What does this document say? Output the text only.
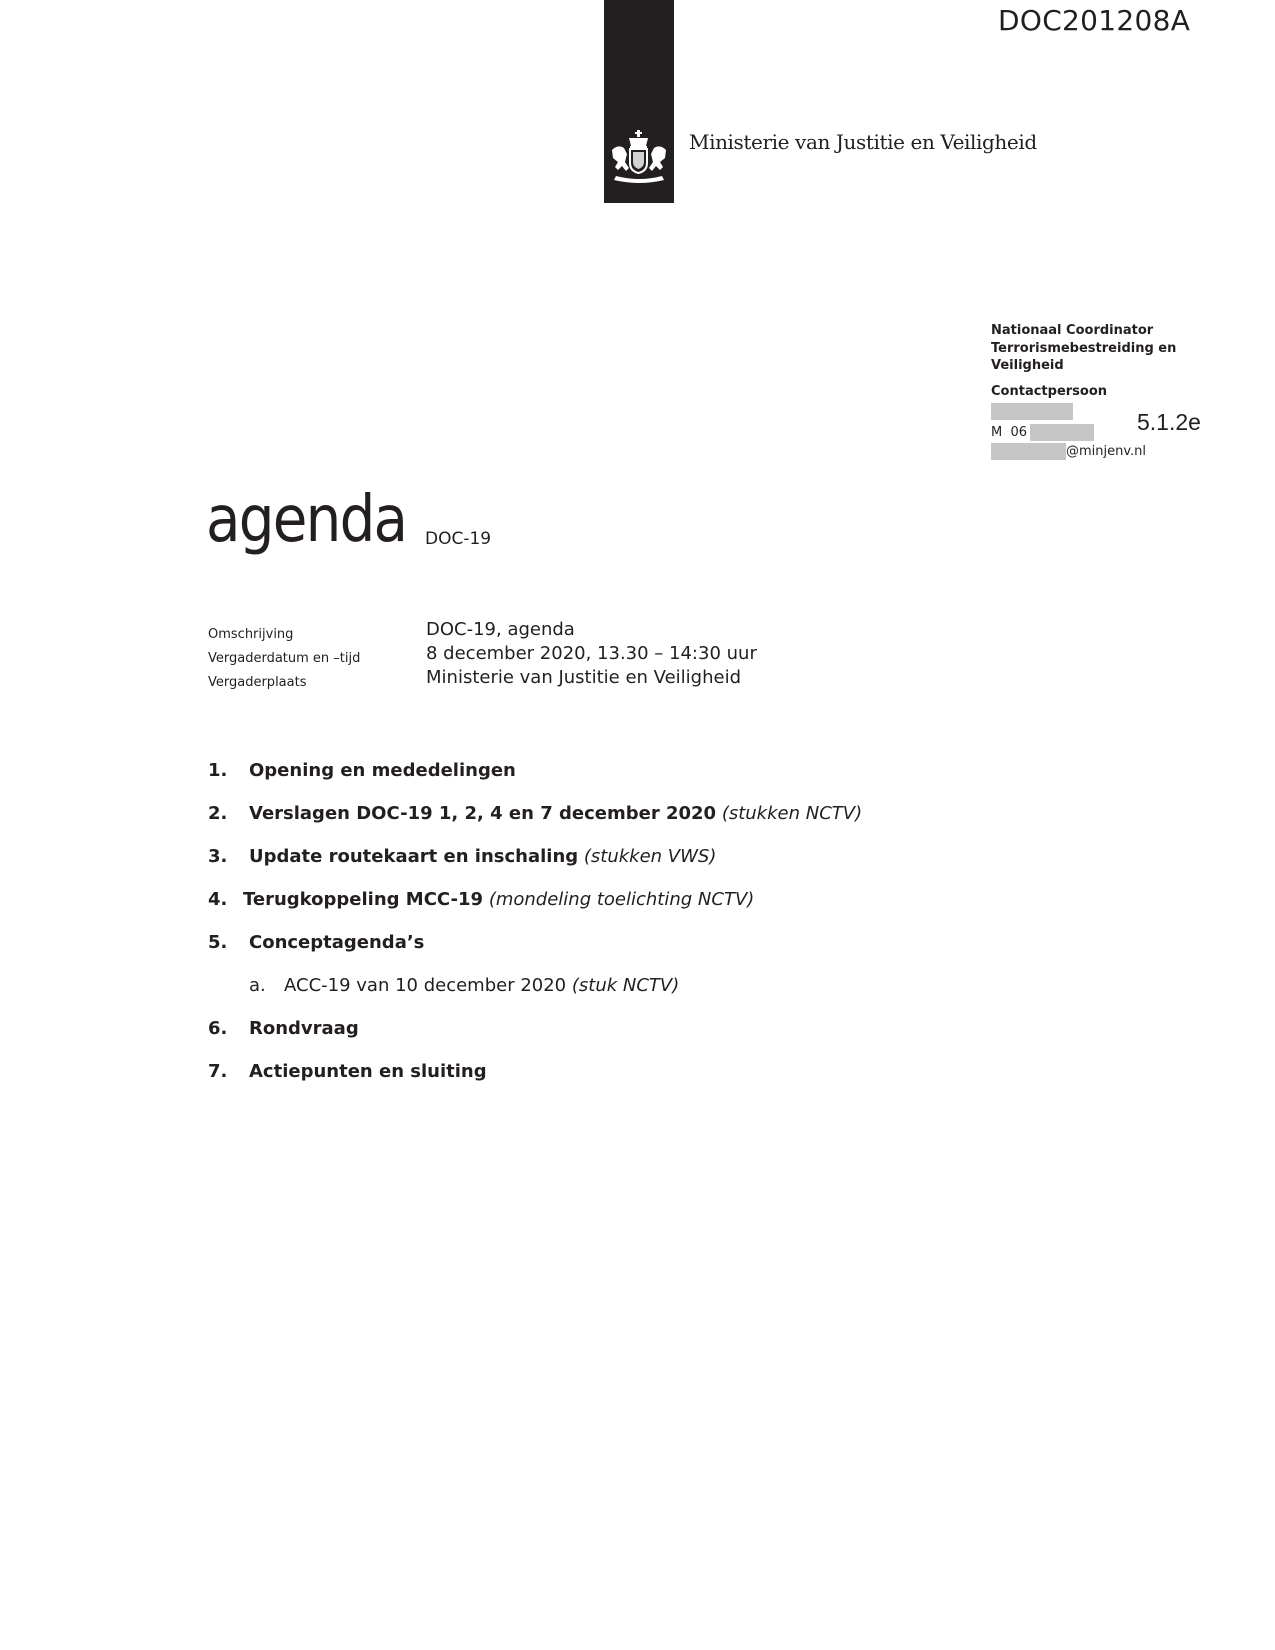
DOC201208A
Ministerie van Justitie en Veiligheid
Nationaal Coordinator
Terrorismebestreiding en
Veiligheid
Contactpersoon
M  06
@minjenv.nl
5.1.2e
agenda DOC-19
Omschrijving	DOC-19, agenda
Vergaderdatum en –tijd	8 december 2020, 13.30 – 14:30 uur
Vergaderplaats	Ministerie van Justitie en Veiligheid
1. Opening en mededelingen
2. Verslagen DOC-19 1, 2, 4 en 7 december 2020 (stukken NCTV)
3. Update routekaart en inschaling (stukken VWS)
4. Terugkoppeling MCC-19 (mondeling toelichting NCTV)
5. Conceptagenda’s
a. ACC-19 van 10 december 2020 (stuk NCTV)
6. Rondvraag
7. Actiepunten en sluiting
